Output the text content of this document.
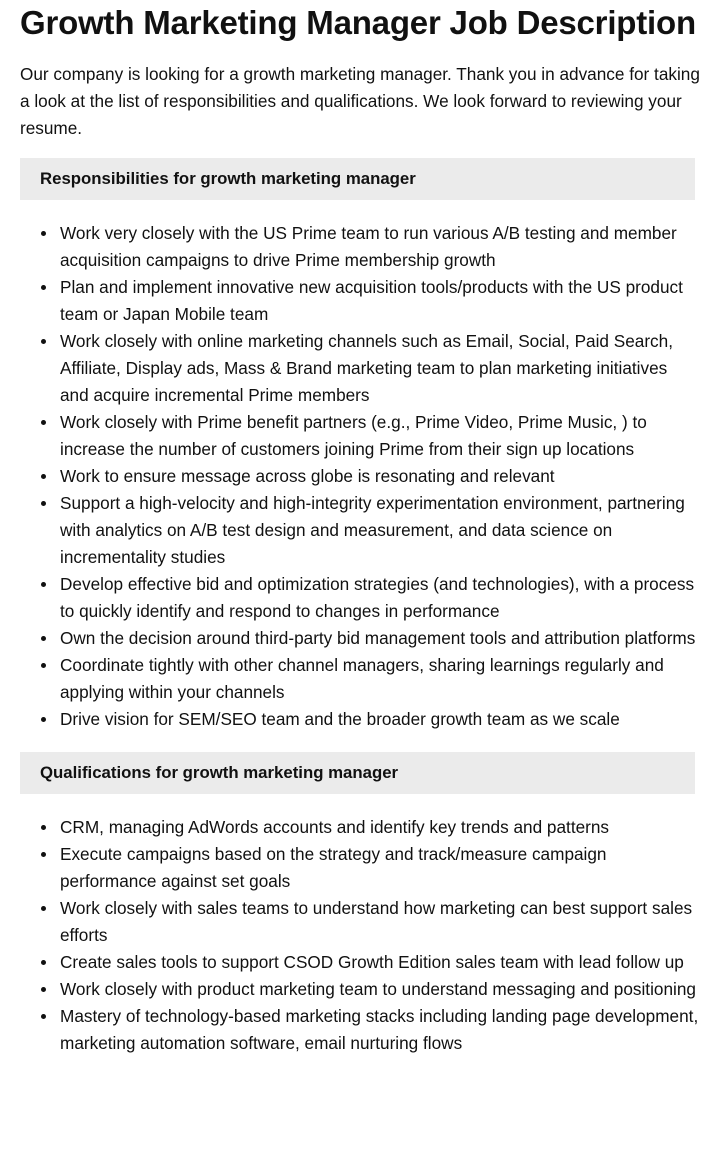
Growth Marketing Manager Job Description

Our company is looking for a growth marketing manager. Thank you in advance for taking a look at the list of responsibilities and qualifications. We look forward to reviewing your resume.

Responsibilities for growth marketing manager
Work very closely with the US Prime team to run various A/B testing and member acquisition campaigns to drive Prime membership growth
Plan and implement innovative new acquisition tools/products with the US product team or Japan Mobile team
Work closely with online marketing channels such as Email, Social, Paid Search, Affiliate, Display ads, Mass & Brand marketing team to plan marketing initiatives and acquire incremental Prime members
Work closely with Prime benefit partners (e.g., Prime Video, Prime Music, ) to increase the number of customers joining Prime from their sign up locations
Work to ensure message across globe is resonating and relevant
Support a high-velocity and high-integrity experimentation environment, partnering with analytics on A/B test design and measurement, and data science on incrementality studies
Develop effective bid and optimization strategies (and technologies), with a process to quickly identify and respond to changes in performance
Own the decision around third-party bid management tools and attribution platforms
Coordinate tightly with other channel managers, sharing learnings regularly and applying within your channels
Drive vision for SEM/SEO team and the broader growth team as we scale
Qualifications for growth marketing manager
CRM, managing AdWords accounts and identify key trends and patterns
Execute campaigns based on the strategy and track/measure campaign performance against set goals
Work closely with sales teams to understand how marketing can best support sales efforts
Create sales tools to support CSOD Growth Edition sales team with lead follow up
Work closely with product marketing team to understand messaging and positioning
Mastery of technology-based marketing stacks including landing page development, marketing automation software, email nurturing flows
